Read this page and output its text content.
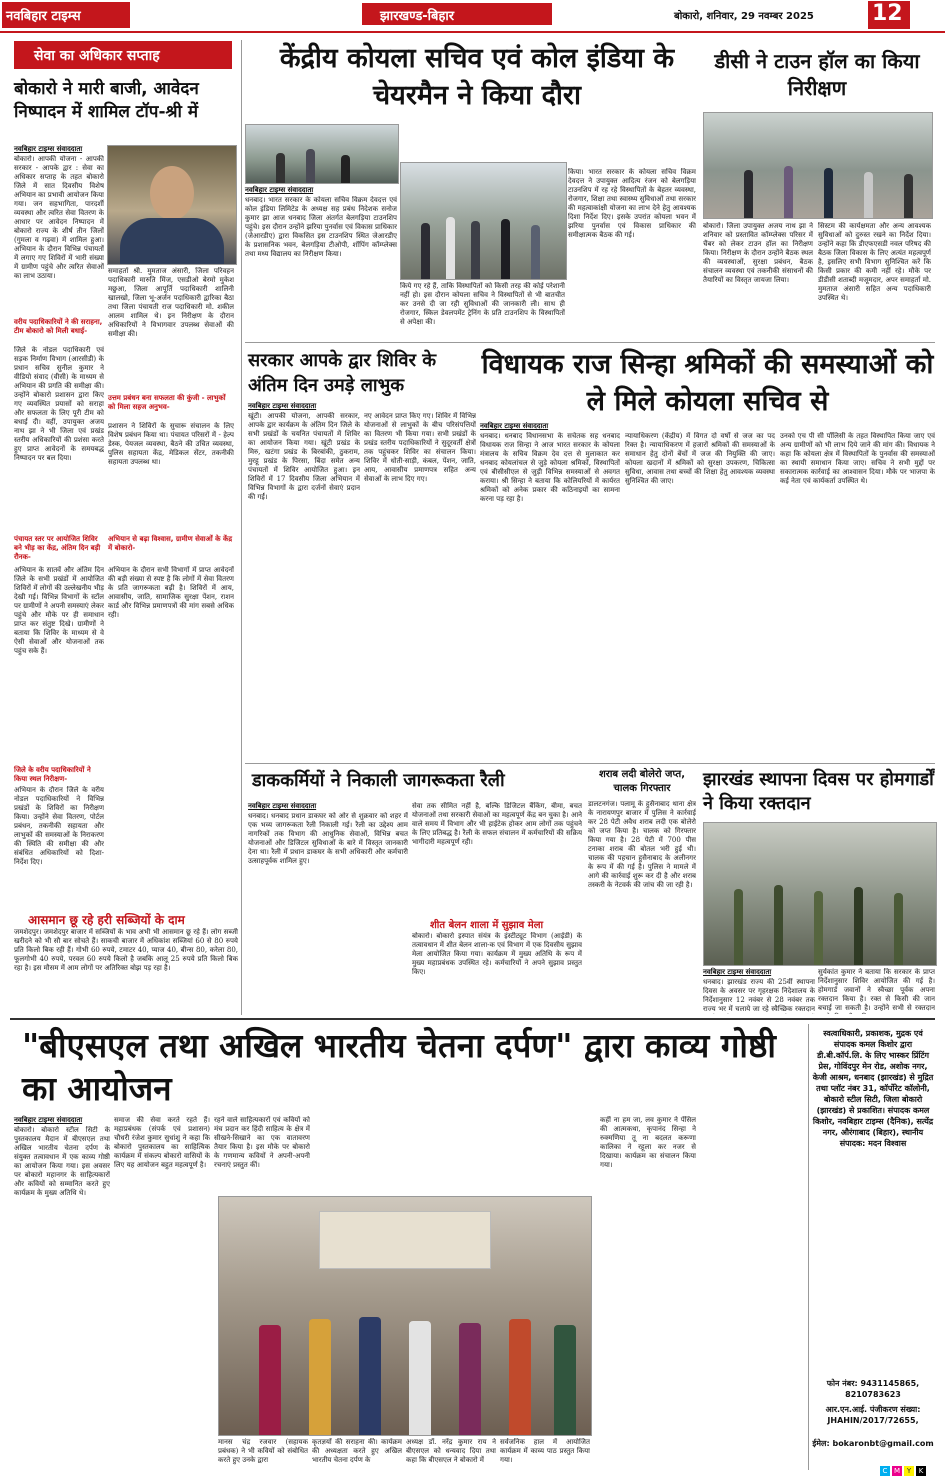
नवबिहार टाइम्स	झारखण्ड-बिहार	बोकारो, शनिवार, 29 नवम्बर 2025	12
सेवा का अधिकार सप्ताह
बोकारो ने मारी बाजी, आवेदन निष्पादन में शामिल टॉप-श्री में
नवबिहार टाइम्स संवाददाता
बोकारो। आपकी योजना - आपकी सरकार - आपके द्वार : सेवा का अधिकार सप्ताह के तहत बोकारो जिले में सात दिवसीय विशेष अभियान का प्रभावी आयोजन किया गया। जन सहभागिता, पारदर्शी व्यवस्था और त्वरित सेवा वितरण के आधार पर आवेदन निष्पादन में बोकारो राज्य के शीर्ष तीन जिलों (गुमला व गढ़वा) में शामिल हुआ। अभियान के दौरान विभिन्न पंचायतों में लगाए गए शिविरों में भारी संख्या में ग्रामीण पहुंचे और त्वरित सेवाओं का लाभ उठाया।
समाहर्ता श्री. मुमताज अंसारी, जिला परिवहन पदाधिकारी मारुति मिंज, एसडीओ बेरमो मुकेश मछुआ, जिला आपूर्ति पदाधिकारी शालिनी खालखो, जिला भू-अर्जन पदाधिकारी द्वारिका बैठा तथा जिला पंचायती राज पदाधिकारी मो. शकील आलम शामिल थे। इन निरीक्षण के दौरान अधिकारियों ने विभागवार उपलब्ध सेवाओं की समीक्षा की।
वरीय पदाधिकारियों ने की सराहना, टीम बोकारो को मिली बधाई-
जिले के नोडल पदाधिकारी एवं सड़क निर्माण विभाग (आरसीडी) के प्रधान सचिव सुनील कुमार ने वीडियो संवाद (वीसी) के माध्यम से अभियान की प्रगति की समीक्षा की। उन्होंने बोकारो प्रशासन द्वारा किए गए व्यवस्थित प्रयासों को सराहा और सफलता के लिए पूरी टीम को बधाई दी। वहीं, उपायुक्त अजय नाथ झा ने भी जिला एवं प्रखंड स्तरीय अधिकारियों की प्रशंसा करते हुए प्राप्त आवेदनों के समयबद्ध निष्पादन पर बल दिया।
उत्तम प्रबंधन बना सफलता की कुंजी - लाभुकों को मिला सहज अनुभव-
प्रशासन ने शिविरों के सुचारू संचालन के लिए विशेष प्रबंधन किया था। पंचायत परिसरों में - हेल्प डेस्क, पेयजल व्यवस्था, बैठने की उचित व्यवस्था, पुलिस सहायता केंद्र, मेडिकल सेंटर, तकनीकी सहायता उपलब्ध था।
पंचायत स्तर पर आयोजित शिविर बने भीड़ का केंद्र, अंतिम दिन बड़ी रौनक-
अभियान से बढ़ा विश्वास, ग्रामीण सेवाओं के केंद्र में बोकारो-
अभियान के सातवें और अंतिम दिन जिले के सभी प्रखंडों में आयोजित शिविरों में लोगों की उल्लेखनीय भीड़ देखी गई। विभिन्न विभागों के स्टॉल पर ग्रामीणों ने अपनी समस्याएं लेकर पहुंचे और मौके पर ही समाधान प्राप्त कर संतुष्ट दिखे। ग्रामीणों ने बताया कि शिविर के माध्यम से वे ऐसी सेवाओं और योजनाओं तक पहुंच सके हैं।
अभियान के दौरान सभी विभागों में प्राप्त आवेदनों की बड़ी संख्या से स्पष्ट है कि लोगों में सेवा वितरण के प्रति जागरूकता बढ़ी है। शिविरों में आय, आवासीय, जाति, सामाजिक सुरक्षा पेंशन, राशन कार्ड और विभिन्न प्रमाणपत्रों की मांग सबसे अधिक रही।
जिले के वरीय पदाधिकारियों ने किया स्थल निरीक्षण-
अभियान के दौरान जिले के वरीय नोडल पदाधिकारियों ने विभिन्न प्रखंडों के शिविरों का निरीक्षण किया। उन्होंने सेवा वितरण, पोर्टल प्रबंधन, तकनीकी सहायता और लाभुकों की समस्याओं के निराकरण की स्थिति की समीक्षा की और संबंधित अधिकारियों को दिशा-निर्देश दिए।
आसमान छू रहे हरी सब्जियों के दाम
जमशेदपुर। जमशेदपुर बाजार में सब्जियों के भाव अभी भी आसमान छू रहे हैं। लोग सब्जी खरीदने को भी सौ बार सोचते हैं। साकची बाजार में अधिकांश सब्जियां 60 से 80 रुपये प्रति किलो बिक रही हैं। गोभी 60 रुपये, टमाटर 40, प्याज 40, बीन्स 80, करेला 80, फूलगोभी 40 रुपये, परवल 60 रुपये किलो है जबकि आलू 25 रुपये प्रति किलो बिक रहा है। इस मौसम में आम लोगों पर अतिरिक्त बोझ पड़ रहा है।
केंद्रीय कोयला सचिव एवं कोल इंडिया के चेयरमैन ने किया दौरा
नवबिहार टाइम्स संवाददाता
धनबाद। भारत सरकार के कोयला सचिव विक्रम देवदत्त एवं कोल इंडिया लिमिटेड के अध्यक्ष सह प्रबंध निदेशक सनोज कुमार झा आज धनबाद जिला अंतर्गत बेलगड़िया टाउनशिप पहुंचे। इस दौरान उन्होंने झरिया पुनर्वास एवं विकास प्राधिकार (जेआरडीए) द्वारा विकसित इस टाउनशिप स्थित जेआरडीए के प्रशासनिक भवन, बेलगड़िया टीओपी, शॉपिंग कॉम्प्लेक्स तथा मध्य विद्यालय का निरीक्षण किया।
किये गए रहे हैं, ताकि विस्थापितों को किसी तरह की कोई परेशानी नहीं हो। इस दौरान कोयला सचिव ने विस्थापितों से भी बातचीत कर उनसे दी जा रही सुविधाओं की जानकारी ली। साथ ही रोजगार, स्किल डेवलपमेंट ट्रेनिंग के प्रति टाउनशिप के विस्थापितों से अपेक्षा की।
किया। भारत सरकार के कोयला सचिव विक्रम देवदत्त ने उपायुक्त आदित्य रंजन को बेलगड़िया टाउनशिप में रह रहे विस्थापितों के बेहतर व्यवस्था, रोजगार, शिक्षा तथा स्वास्थ्य सुविधाओं तथा सरकार की महत्वाकांक्षी योजना का लाभ देने हेतु आवश्यक दिशा निर्देश दिए। इसके उपरांत कोयला भवन में झरिया पुनर्वास एवं विकास प्राधिकार की समीक्षात्मक बैठक की गई।
डीसी ने टाउन हॉल का किया निरीक्षण
बोकारो। जिला उपायुक्त अजय नाथ झा ने शनिवार को प्रस्तावित कॉम्प्लेक्स परिसर में चैंबर को लेकर टाउन हॉल का निरीक्षण किया। निरीक्षण के दौरान उन्होंने बैठक स्थल की व्यवस्थाओं, सुरक्षा प्रबंधन, बैठक संचालन व्यवस्था एवं तकनीकी संसाधनों की तैयारियों का विस्तृत जायजा लिया।
सिस्टम की कार्यक्षमता और अन्य आवश्यक सुविधाओं को दुरुस्त रखने का निर्देश दिया। उन्होंने कहा कि डीएफएसडी नवल परिषद की बैठक जिला विकास के लिए अत्यंत महत्वपूर्ण है, इसलिए सभी विभाग सुनिश्चित करें कि किसी प्रकार की कमी नहीं रहे। मौके पर डीडीसी शताब्दी मजूमदार, अपर समाहर्ता मो. मुमताज अंसारी सहित अन्य पदाधिकारी उपस्थित थे।
सरकार आपके द्वार शिविर के अंतिम दिन उमड़े लाभुक
नवबिहार टाइम्स संवाददाता
खूंटी। आपकी योजना, आपकी सरकार, आपके द्वार कार्यक्रम के अंतिम दिन जिले के सभी प्रखंडों के चयनित पंचायतों में शिविर का आयोजन किया गया। खूंटी प्रखंड के मिरु, खटंगा प्रखंड के बिरबांकी, ठुकराम, मुरहू प्रखंड के पिरसा, बिंदा समेत अन्य पंचायतों में शिविर आयोजित हुआ। इन शिविरों में 17 दिवसीय जिला अभियान में विभिन्न विभागों के द्वारा दर्जनों सेवाएं प्रदान की गईं।
नए आवेदन प्राप्त किए गए। शिविर में विभिन्न योजनाओं से लाभुकों के बीच परिसंपत्तियों का वितरण भी किया गया। सभी प्रखंडों के प्रखंड स्तरीय पदाधिकारियों ने सुदूरवर्ती क्षेत्रों तक पहुंचकर शिविर का संचालन किया। शिविर में धोती-साड़ी, कंबल, पेंशन, जाति, आय, आवासीय प्रमाणपत्र सहित अन्य सेवाओं के लाभ दिए गए।
विधायक राज सिन्हा श्रमिकों की समस्याओं को ले मिले कोयला सचिव से
नवबिहार टाइम्स संवाददाता
धनबाद। धनबाद विधानसभा के सचेतक सह धनबाद विधायक राज सिन्हा ने आज भारत सरकार के कोयला मंत्रालय के सचिव विक्रम देव दत्त से मुलाकात कर धनबाद कोयलांचल से जुड़े कोयला श्रमिकों, विस्थापितों एवं बीसीसीएल से जुड़ी विभिन्न समस्याओं से अवगत कराया। श्री सिन्हा ने बताया कि कोलियरियों में कार्यरत श्रमिकों को अनेक प्रकार की कठिनाइयों का सामना करना पड़ रहा है।
न्यायाधिकरण (केंद्रीय) में विगत दो वर्षों से जज का पद रिक्त है। न्यायाधिकरण में हजारों श्रमिकों की समस्याओं के समाधान हेतु दोनों बेंचों में जज की नियुक्ति की जाए। कोयला खदानों में श्रमिकों को सुरक्षा उपकरण, चिकित्सा सुविधा, आवास तथा बच्चों की शिक्षा हेतु आवश्यक व्यवस्था सुनिश्चित की जाए।
उनको एच पी सी पॉलिसी के तहत विस्थापित किया जाए एवं अन्य ग्रामीणों को भी लाभ दिये जाने की मांग की। विधायक ने कहा कि कोयला क्षेत्र में विस्थापितों के पुनर्वास की समस्याओं का स्थायी समाधान किया जाए। सचिव ने सभी मुद्दों पर सकारात्मक कार्रवाई का आश्वासन दिया। मौके पर भाजपा के कई नेता एवं कार्यकर्ता उपस्थित थे।
डाककर्मियों ने निकाली जागरूकता रैली
नवबिहार टाइम्स संवाददाता
धनबाद। धनबाद प्रधान डाकघर को ओर से शुक्रवार को शहर में एक भव्य जागरूकता रैली निकाली गई। रैली का उद्देश्य आम नागरिकों तक विभाग की आधुनिक सेवाओं, विभिन्न बचत योजनाओं और डिजिटल सुविधाओं के बारे में विस्तृत जानकारी देना था। रैली में प्रधान डाकघर के सभी अधिकारी और कर्मचारी उत्साहपूर्वक शामिल हुए।
सेवा तक सीमित नहीं है, बल्कि डिजिटल बैंकिंग, बीमा, बचत योजनाओं तथा सरकारी सेवाओं का महत्वपूर्ण केंद्र बन चुका है। आने वाले समय में विभाग और भी हाईटेक होकर आम लोगों तक पहुंचने के लिए प्रतिबद्ध है। रैली के सफल संचालन में कर्मचारियों की सक्रिय भागीदारी महत्वपूर्ण रही।
शीत बेलन शाला में सुझाव मेला
बोकारो। बोकारो इस्पात संयंत्र के इंस्टीट्यूट विभाग (आईडी) के तत्वावधान में शीत बेलन शाला-क एवं विभाग में एक दिवसीय सुझाव मेला आयोजित किया गया। कार्यक्रम में मुख्य अतिथि के रूप में मुख्य महाप्रबंधक उपस्थित रहे। कर्मचारियों ने अपने सुझाव प्रस्तुत किए।
शराब लदी बोलेरो जप्त, चालक गिरफ्तार
डालटनगंज। पलामू के हुसैनाबाद थाना क्षेत्र के नारायणपुर बाजार में पुलिस ने कार्रवाई कर 28 पेटी अवैध शराब लदी एक बोलेरो को जप्त किया है। चालक को गिरफ्तार किया गया है। 28 पेटी में 700 पीस टनाका शराब की बोतल भरी हुई थी। चालक की पहचान हुसैनाबाद के अलीनगर के रूप में की गई है। पुलिस ने मामले में आगे की कार्रवाई शुरू कर दी है और शराब तस्करी के नेटवर्क की जांच की जा रही है।
झारखंड स्थापना दिवस पर होमगार्डों ने किया रक्तदान
नवबिहार टाइम्स संवाददाता
धनबाद। झारखंड राज्य की 25वीं स्थापना दिवस के अवसर पर गृहरक्षक निदेशालय के निर्देशानुसार 12 नवंबर से 28 नवंबर तक राज्य भर में चलाये जा रहे स्वैच्छिक रक्तदान
सुर्यकांत कुमार ने बताया कि सरकार के प्राप्त निर्देशानुसार शिविर आयोजित की गई है। होमगार्ड जवानों ने स्वैच्छा पूर्वक अपना रक्तदान किया है। रक्त से किसी की जान बचाई जा सकती है। उन्होंने सभी से रक्तदान
"बीएसएल तथा अखिल भारतीय चेतना दर्पण" द्वारा काव्य गोष्ठी का आयोजन
नवबिहार टाइम्स संवाददाता
बोकारो। बोकारो स्टील सिटी के पुस्तकालय मैदान में बीएसएल तथा अखिल भारतीय चेतना दर्पण के संयुक्त तत्वावधान में एक काव्य गोष्ठी का आयोजन किया गया। इस अवसर पर बोकारो महानगर के साहित्यकारों और कवियों को सम्मानित करते हुए कार्यक्रम के मुख्य अतिथि थे।
समाज की सेवा करते रहते हैं। महाप्रबंधक (संपर्क एवं प्रशासन) चौधरी रंजेश कुमार सुधांशु ने कहा कि बोकारो पुस्तकालय का साहित्यिक कार्यक्रम में संकल्प बोकारो वासियों के लिए यह आयोजन बहुत महत्वपूर्ण है।
रहने वाले साहित्यकारों एवं कवियों को मंच प्रदान कर हिंदी साहित्य के क्षेत्र में सीखने-सिखाने का एक वातावरण तैयार किया है। इस मौके पर बोकारो के गणमान्य कवियों ने अपनी-अपनी रचनाएं प्रस्तुत कीं।
कहीं ना हम जा, लव कुमार ने पेंसिल की आत्मकथा, कृपानंद सिन्हा ने रुक्मणिया तू ना बदलत करूणा कालिका ने रहूला कर नजर से दिखाया। कार्यक्रम का संचालन किया गया।
मानस चंद्र रजवार (सहायक प्रबंधक) ने भी कवियों को संबोधित करते हुए उनके द्वारा
कृतज्ञयों की सराहना की। कार्यक्रम की अध्यक्षता करते हुए अखिल भारतीय चेतना दर्पण के
अध्यक्ष डॉ. नरेंद्र कुमार राय ने बीएसएल को धन्यवाद दिया तथा कहा कि बीएसएल ने बोकारो में
सर्वजनिक हाल में आयोजित कार्यक्रम में काव्य पाठ प्रस्तुत किया गया।
स्वत्वाधिकारी, प्रकाशक, मुद्रक एवं संपादक कमल किशोर द्वारा डी.बी.कॉर्प.लि. के लिए भास्कर प्रिंटिंग प्रेस, गोविंदपुर मेन रोड, अशोक नगर, केजी आश्रम, धनबाद (झारखंड) से मुद्रित तथा प्लॉट नंबर 31, कॉर्पोरेट कॉलोनी, बोकारो स्टील सिटी, जिला बोकारो (झारखंड) से प्रकाशित। संपादक कमल किशोर, नवबिहार टाइम्स (दैनिक), सत्येंद्र नगर, औरंगाबाद (बिहार), स्थानीय संपादक: मदन विश्वास
फोन नंबर: 9431145865, 8210783623
आर.एन.आई. पंजीकरण संख्या: JHAHIN/2017/72655,
ईमेल: bokaronbt@gmail.com
C M Y	K
